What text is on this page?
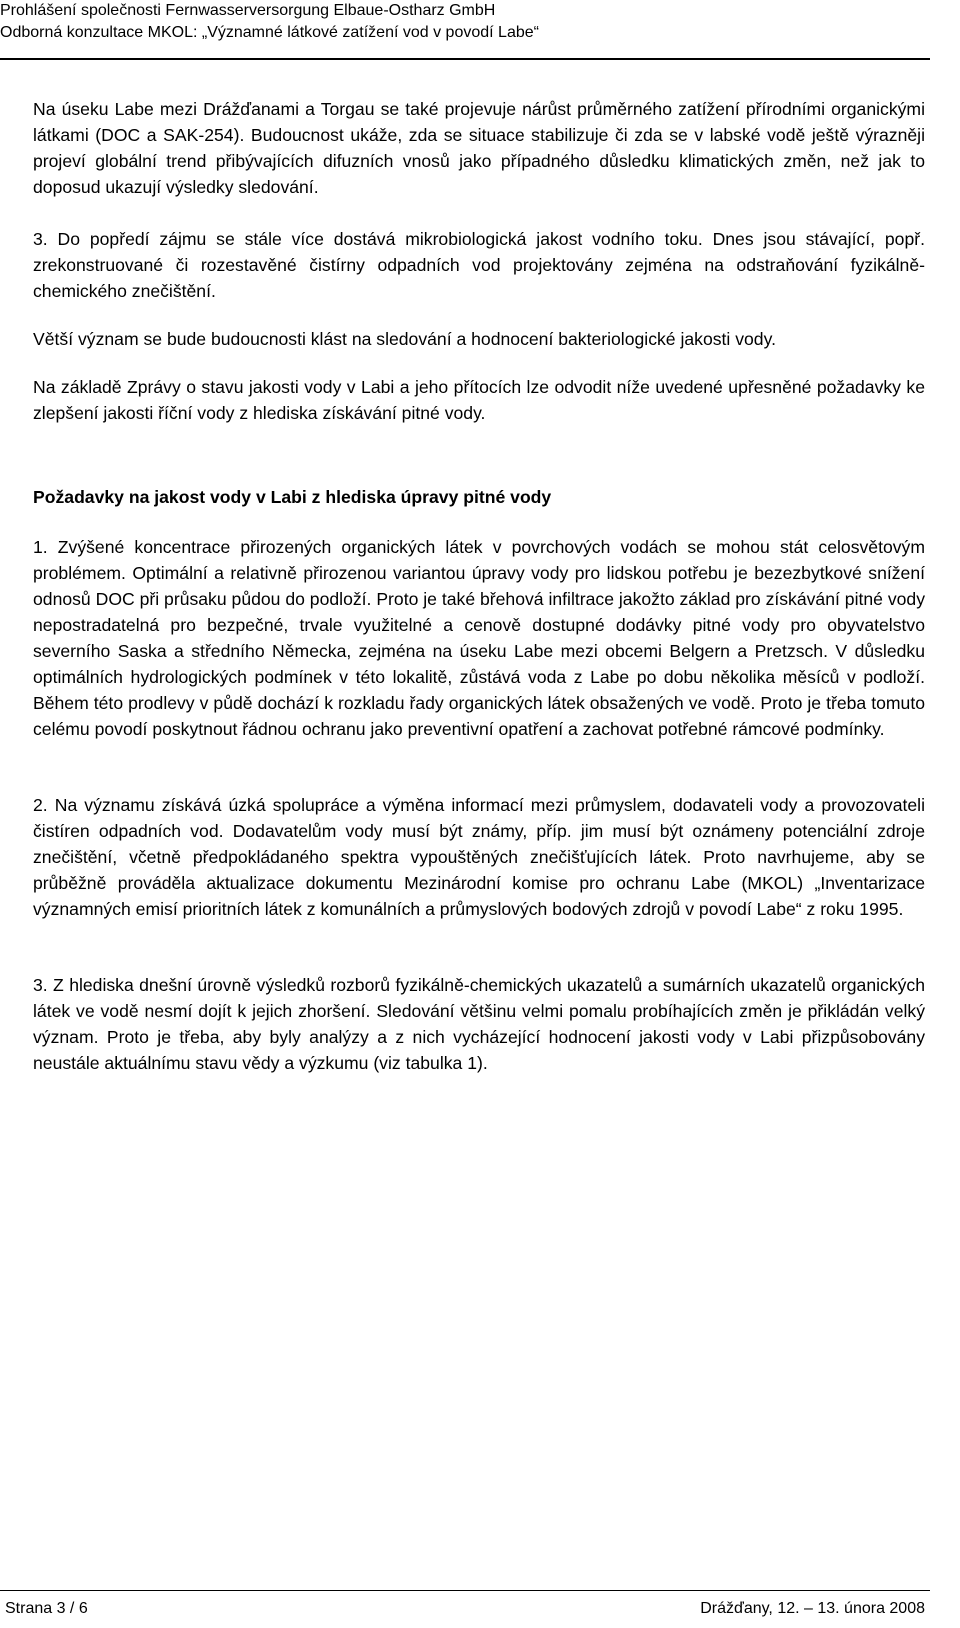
Prohlášení společnosti Fernwasserversorgung Elbaue-Ostharz GmbH
Odborná konzultace MKOL: „Významné látkové zatížení vod v povodí Labe“

Na úseku Labe mezi Drážďanami a Torgau se také projevuje nárůst průměrného zatížení přírodními organickými látkami (DOC a SAK-254). Budoucnost ukáže, zda se situace stabilizuje či zda se v labské vodě ještě výrazněji projeví globální trend přibývajících difuzních vnosů jako případného důsledku klimatických změn, než jak to doposud ukazují výsledky sledování.

3. Do popředí zájmu se stále více dostává mikrobiologická jakost vodního toku. Dnes jsou stávající, popř. zrekonstruované či rozestavěné čistírny odpadních vod projektovány zejména na odstraňování fyzikálně-chemického znečištění.

Větší význam se bude budoucnosti klást na sledování a hodnocení bakteriologické jakosti vody.

Na základě Zprávy o stavu jakosti vody v Labi a jeho přítocích lze odvodit níže uvedené upřesněné požadavky ke zlepšení jakosti říční vody z hlediska získávání pitné vody.

Požadavky na jakost vody v Labi z hlediska úpravy pitné vody

1. Zvýšené koncentrace přirozených organických látek v povrchových vodách se mohou stát celosvětovým problémem. Optimální a relativně přirozenou variantou úpravy vody pro lidskou potřebu je bezezbytkové snížení odnosů DOC při průsaku půdou do podloží. Proto je také břehová infiltrace jakožto základ pro získávání pitné vody nepostradatelná pro bezpečné, trvale využitelné a cenově dostupné dodávky pitné vody pro obyvatelstvo severního Saska a středního Německa, zejména na úseku Labe mezi obcemi Belgern a Pretzsch. V důsledku optimálních hydrologických podmínek v této lokalitě, zůstává voda z Labe po dobu několika měsíců v podloží. Během této prodlevy v půdě dochází k rozkladu řady organických látek obsažených ve vodě. Proto je třeba tomuto celému povodí poskytnout řádnou ochranu jako preventivní opatření a zachovat potřebné rámcové podmínky.

2. Na významu získává úzká spolupráce a výměna informací mezi průmyslem, dodavateli vody a provozovateli čistíren odpadních vod. Dodavatelům vody musí být známy, příp. jim musí být oznámeny potenciální zdroje znečištění, včetně předpokládaného spektra vypouštěných znečišťujících látek. Proto navrhujeme, aby se průběžně prováděla aktualizace dokumentu Mezinárodní komise pro ochranu Labe (MKOL) „Inventarizace významných emisí prioritních látek z komunálních a průmyslových bodových zdrojů v povodí Labe“ z roku 1995.

3. Z hlediska dnešní úrovně výsledků rozborů fyzikálně-chemických ukazatelů a sumárních ukazatelů organických látek ve vodě nesmí dojít k jejich zhoršení. Sledování většinu velmi pomalu probíhajících změn je přikládán velký význam. Proto je třeba, aby byly analýzy a z nich vycházející hodnocení jakosti vody v Labi přizpůsobovány neustále aktuálnímu stavu vědy a výzkumu (viz tabulka 1).

Strana 3 / 6	Drážďany, 12. – 13. února 2008
